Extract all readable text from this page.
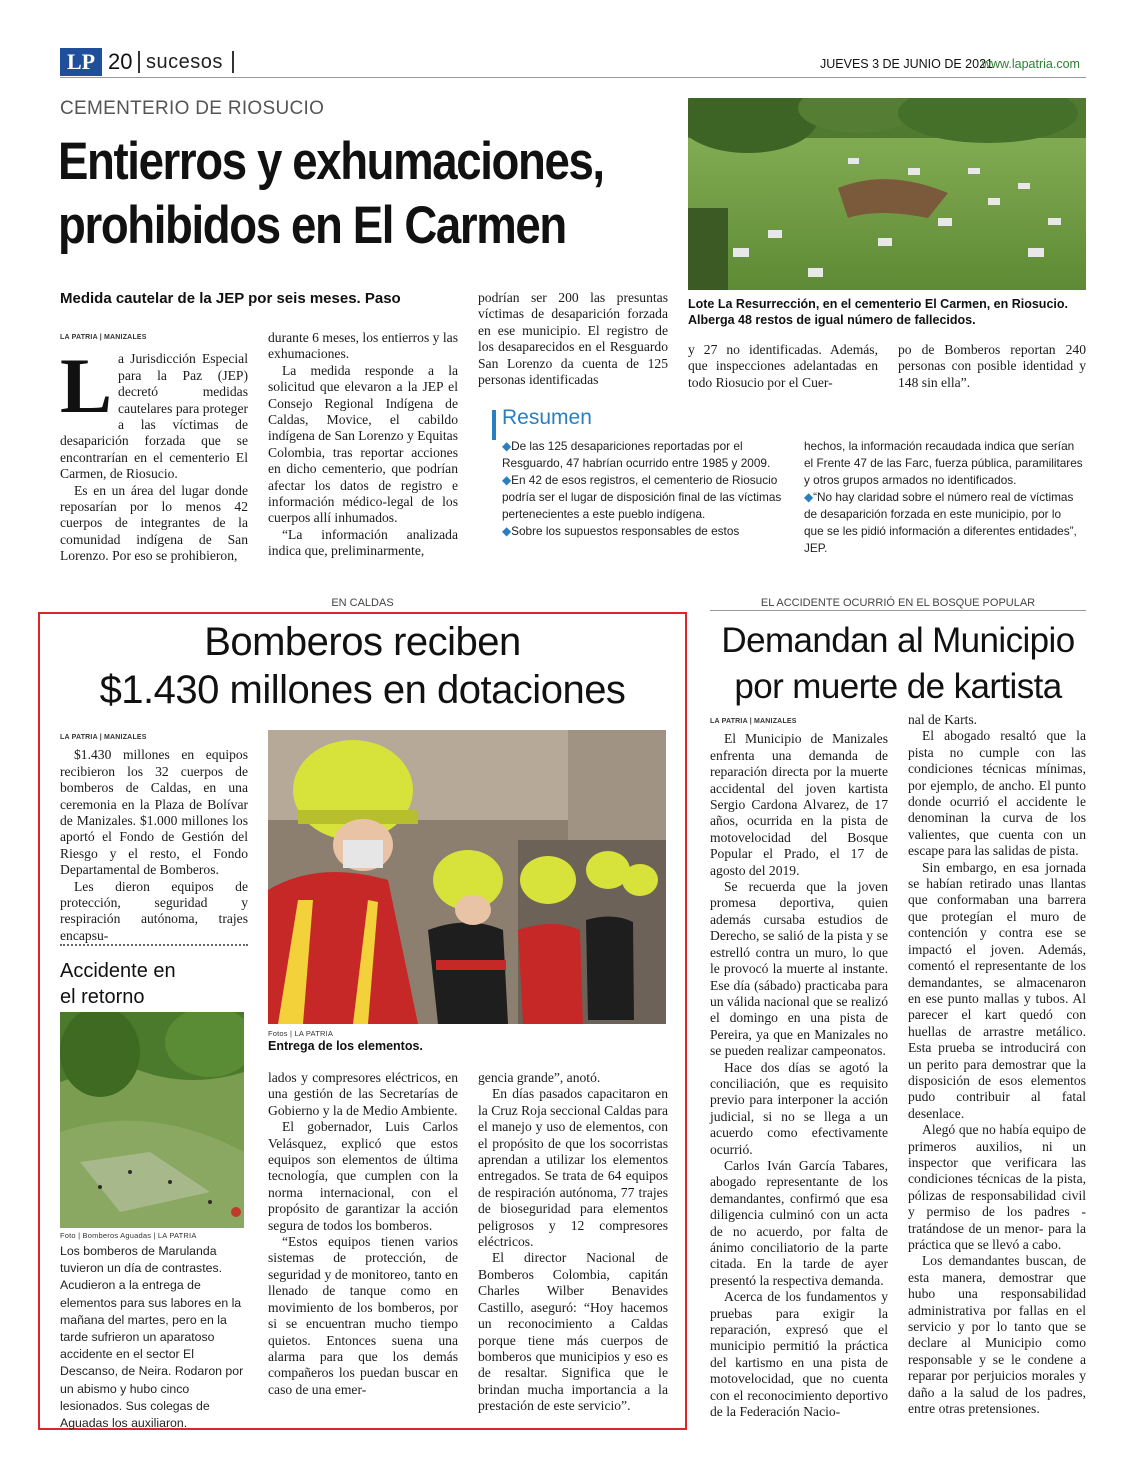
LP 20 sucesos	JUEVES 3 DE JUNIO DE 2021
www.lapatria.com
CEMENTERIO DE RIOSUCIO
Entierros y exhumaciones,
prohibidos en El Carmen
Medida cautelar de la JEP por seis meses. Paso
LA PATRIA | MANIZALES

L a Jurisdicción Especial para la Paz (JEP) decretó medidas cautelares para proteger a las víctimas de desaparición forzada que se encontrarían en el cementerio El Carmen, de Riosucio.

Es en un área del lugar donde reposarían por lo menos 42 cuerpos de integrantes de la comunidad indígena de San Lorenzo. Por eso se prohibieron,

durante 6 meses, los entierros y las exhumaciones.

La medida responde a la solicitud que elevaron a la JEP el Consejo Regional Indígena de Caldas, Movice, el cabildo indígena de San Lorenzo y Equitas Colombia, tras reportar acciones en dicho cementerio, que podrían afectar los datos de registro e información médico-legal de los cuerpos allí inhumados.

“La información analizada indica que, preliminarmente,

podrían ser 200 las presuntas víctimas de desaparición forzada en ese municipio. El registro de los desaparecidos en el Resguardo San Lorenzo da cuenta de 125 personas identificadas

Lote La Resurrección, en el cementerio El Carmen, en Riosucio. Alberga 48 restos de igual número de fallecidos.

y 27 no identificadas. Además, que inspecciones adelantadas en todo Riosucio por el Cuer-

po de Bomberos reportan 240 personas con posible identidad y 148 sin ella”.

Resumen
◆De las 125 desapariciones reportadas por el Resguardo, 47 habrían ocurrido entre 1985 y 2009.
◆En 42 de esos registros, el cementerio de Riosucio podría ser el lugar de disposición final de las víctimas pertenecientes a este pueblo indígena.
◆Sobre los supuestos responsables de estos
hechos, la información recaudada indica que serían el Frente 47 de las Farc, fuerza pública, paramilitares y otros grupos armados no identificados.
◆“No hay claridad sobre el número real de víctimas de desaparición forzada en este municipio, por lo que se les pidió información a diferentes entidades”, JEP.
EN CALDAS
Bomberos reciben
$1.430 millones en dotaciones
LA PATRIA | MANIZALES

$1.430 millones en equipos recibieron los 32 cuerpos de bomberos de Caldas, en una ceremonia en la Plaza de Bolívar de Manizales. $1.000 millones los aportó el Fondo de Gestión del Riesgo y el resto, el Fondo Departamental de Bomberos.

Les dieron equipos de protección, seguridad y respiración autónoma, trajes encapsu-

Accidente en
el retorno
Foto | Bomberos Aguadas | LA PATRIA
Los bomberos de Marulanda tuvieron un día de contrastes. Acudieron a la entrega de elementos para sus labores en la mañana del martes, pero en la tarde sufrieron un aparatoso accidente en el sector El Descanso, de Neira. Rodaron por un abismo y hubo cinco lesionados. Sus colegas de Aguadas los auxiliaron.
Fotos | LA PATRIA
Entrega de los elementos.

lados y compresores eléctricos, en una gestión de las Secretarías de Gobierno y la de Medio Ambiente.

El gobernador, Luis Carlos Velásquez, explicó que estos equipos son elementos de última tecnología, que cumplen con la norma internacional, con el propósito de garantizar la acción segura de todos los bomberos.

“Estos equipos tienen varios sistemas de protección, de seguridad y de monitoreo, tanto en llenado de tanque como en movimiento de los bomberos, por si se encuentran mucho tiempo quietos. Entonces suena una alarma para que los demás compañeros los puedan buscar en caso de una emer-

gencia grande”, anotó.

En días pasados capacitaron en la Cruz Roja seccional Caldas para el manejo y uso de elementos, con el propósito de que los socorristas aprendan a utilizar los elementos entregados. Se trata de 64 equipos de respiración autónoma, 77 trajes de bioseguridad para elementos peligrosos y 12 compresores eléctricos.

El director Nacional de Bomberos Colombia, capitán Charles Wilber Benavides Castillo, aseguró: “Hoy hacemos un reconocimiento a Caldas porque tiene más cuerpos de bomberos que municipios y eso es de resaltar. Significa que le brindan mucha importancia a la prestación de este servicio”.

EL ACCIDENTE OCURRIÓ EN EL BOSQUE POPULAR
Demandan al Municipio
por muerte de kartista
LA PATRIA | MANIZALES

El Municipio de Manizales enfrenta una demanda de reparación directa por la muerte accidental del joven kartista Sergio Cardona Alvarez, de 17 años, ocurrida en la pista de motovelocidad del Bosque Popular el Prado, el 17 de agosto del 2019.

Se recuerda que la joven promesa deportiva, quien además cursaba estudios de Derecho, se salió de la pista y se estrelló contra un muro, lo que le provocó la muerte al instante. Ese día (sábado) practicaba para un válida nacional que se realizó el domingo en una pista de Pereira, ya que en Manizales no se pueden realizar campeonatos.

Hace dos días se agotó la conciliación, que es requisito previo para interponer la acción judicial, si no se llega a un acuerdo como efectivamente ocurrió.

Carlos Iván García Tabares, abogado representante de los demandantes, confirmó que esa diligencia culminó con un acta de no acuerdo, por falta de ánimo conciliatorio de la parte citada. En la tarde de ayer presentó la respectiva demanda.

Acerca de los fundamentos y pruebas para exigir la reparación, expresó que el municipio permitió la práctica del kartismo en una pista de motovelocidad, que no cuenta con el reconocimiento deportivo de la Federación Nacio-

nal de Karts.

El abogado resaltó que la pista no cumple con las condiciones técnicas mínimas, por ejemplo, de ancho. El punto donde ocurrió el accidente le denominan la curva de los valientes, que cuenta con un escape para las salidas de pista.

Sin embargo, en esa jornada se habían retirado unas llantas que conformaban una barrera que protegían el muro de contención y contra ese se impactó el joven. Además, comentó el representante de los demandantes, se almacenaron en ese punto mallas y tubos. Al parecer el kart quedó con huellas de arrastre metálico. Esta prueba se introducirá con un perito para demostrar que la disposición de esos elementos pudo contribuir al fatal desenlace.

Alegó que no había equipo de primeros auxilios, ni un inspector que verificara las condiciones técnicas de la pista, pólizas de responsabilidad civil y permiso de los padres -tratándose de un menor- para la práctica que se llevó a cabo.

Los demandantes buscan, de esta manera, demostrar que hubo una responsabilidad administrativa por fallas en el servicio y por lo tanto que se declare al Municipio como responsable y se le condene a reparar por perjuicios morales y daño a la salud de los padres, entre otras pretensiones.
